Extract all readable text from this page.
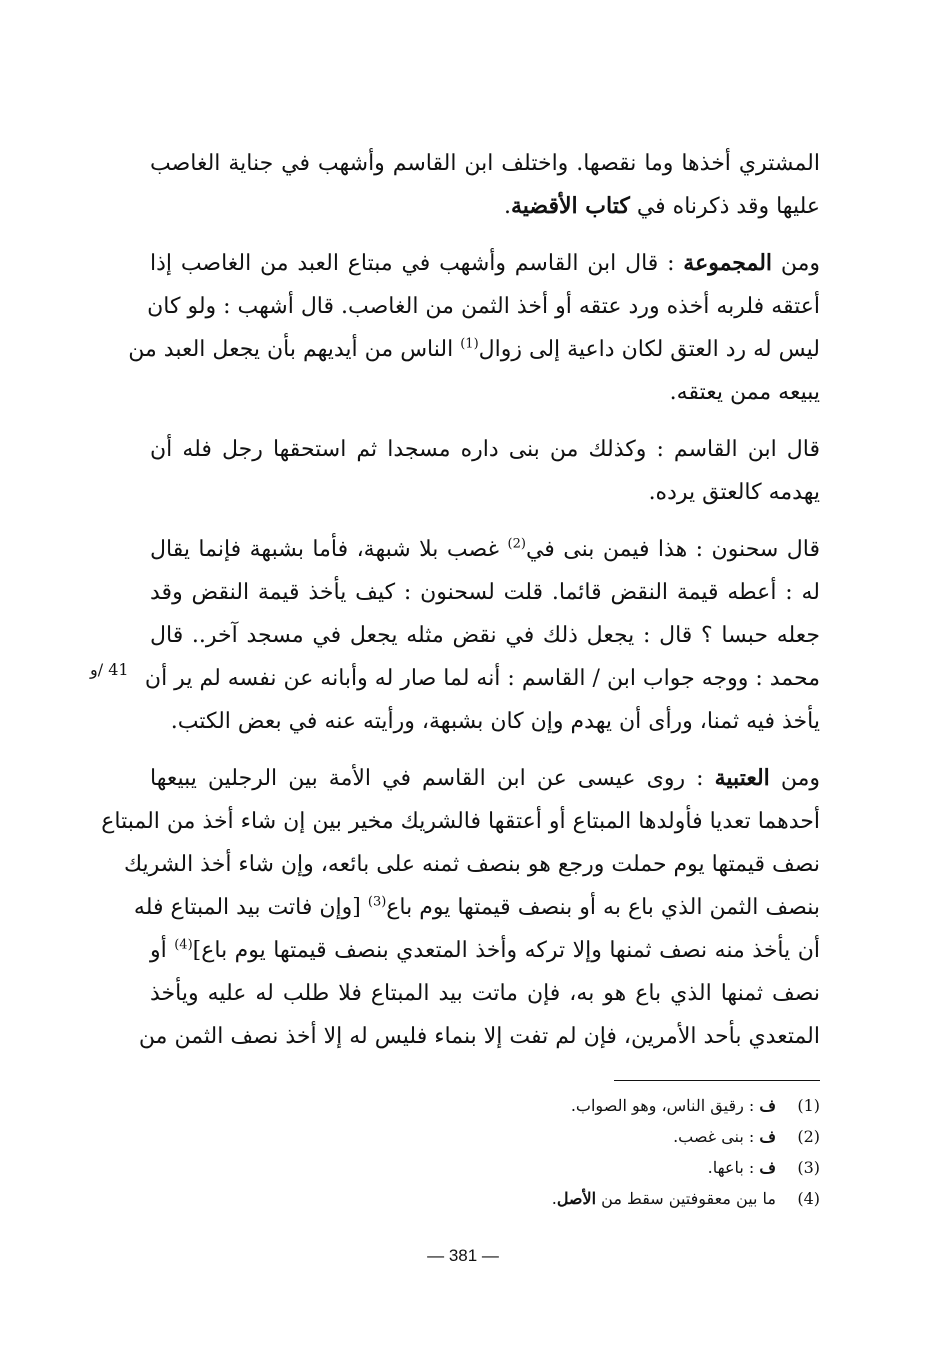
المشتري أخذها وما نقصها. واختلف ابن القاسم وأشهب في جناية الغاصب
عليها وقد ذكرناه في كتاب الأقضية.
ومن المجموعة : قال ابن القاسم وأشهب في مبتاع العبد من الغاصب إذا
أعتقه فلربه أخذه ورد عتقه أو أخذ الثمن من الغاصب. قال أشهب : ولو كان
ليس له رد العتق لكان داعية إلى زوال$^{(1)}$ الناس من أيديهم بأن يجعل العبد من
يبيعه ممن يعتقه.
قال ابن القاسم : وكذلك من بنى داره مسجدا ثم استحقها رجل فله أن
يهدمه كالعتق يرده.
قال سحنون : هذا فيمن بنى في$^{(2)}$ غصب بلا شبهة، فأما بشبهة فإنما يقال
له : أعطه قيمة النقض قائما. قلت لسحنون : كيف يأخذ قيمة النقض وقد
جعله حبسا ؟ قال : يجعل ذلك في نقض مثله يجعل في مسجد آخر.. قال
محمد : ووجه جواب ابن / القاسم : أنه لما صار له وأبانه عن نفسه لم ير أن
يأخذ فيه ثمنا، ورأى أن يهدم وإن كان بشبهة، ورأيته عنه في بعض الكتب.
ومن العتبية : روى عيسى عن ابن القاسم في الأمة بين الرجلين يبيعها
أحدهما تعديا فأولدها المبتاع أو أعتقها فالشريك مخير بين إن شاء أخذ من المبتاع
نصف قيمتها يوم حملت ورجع هو بنصف ثمنه على بائعه، وإن شاء أخذ الشريك
بنصف الثمن الذي باع به أو بنصف قيمتها يوم باع$^{(3)}$ [وإن فاتت بيد المبتاع فله
أن يأخذ منه نصف ثمنها وإلا تركه وأخذ المتعدي بنصف قيمتها يوم باع]$^{(4)}$ أو
نصف ثمنها الذي باع هو به، فإن ماتت بيد المبتاع فلا طلب له عليه ويأخذ
المتعدي بأحد الأمرين، فإن لم تفت إلا بنماء فليس له إلا أخذ نصف الثمن من
41 /و
(1)
ف : رقيق الناس، وهو الصواب.
(2)
ف : بنى غصب.
(3)
ف : باعها.
(4)
ما بين معقوفتين سقط من الأصل.
— 381 —
